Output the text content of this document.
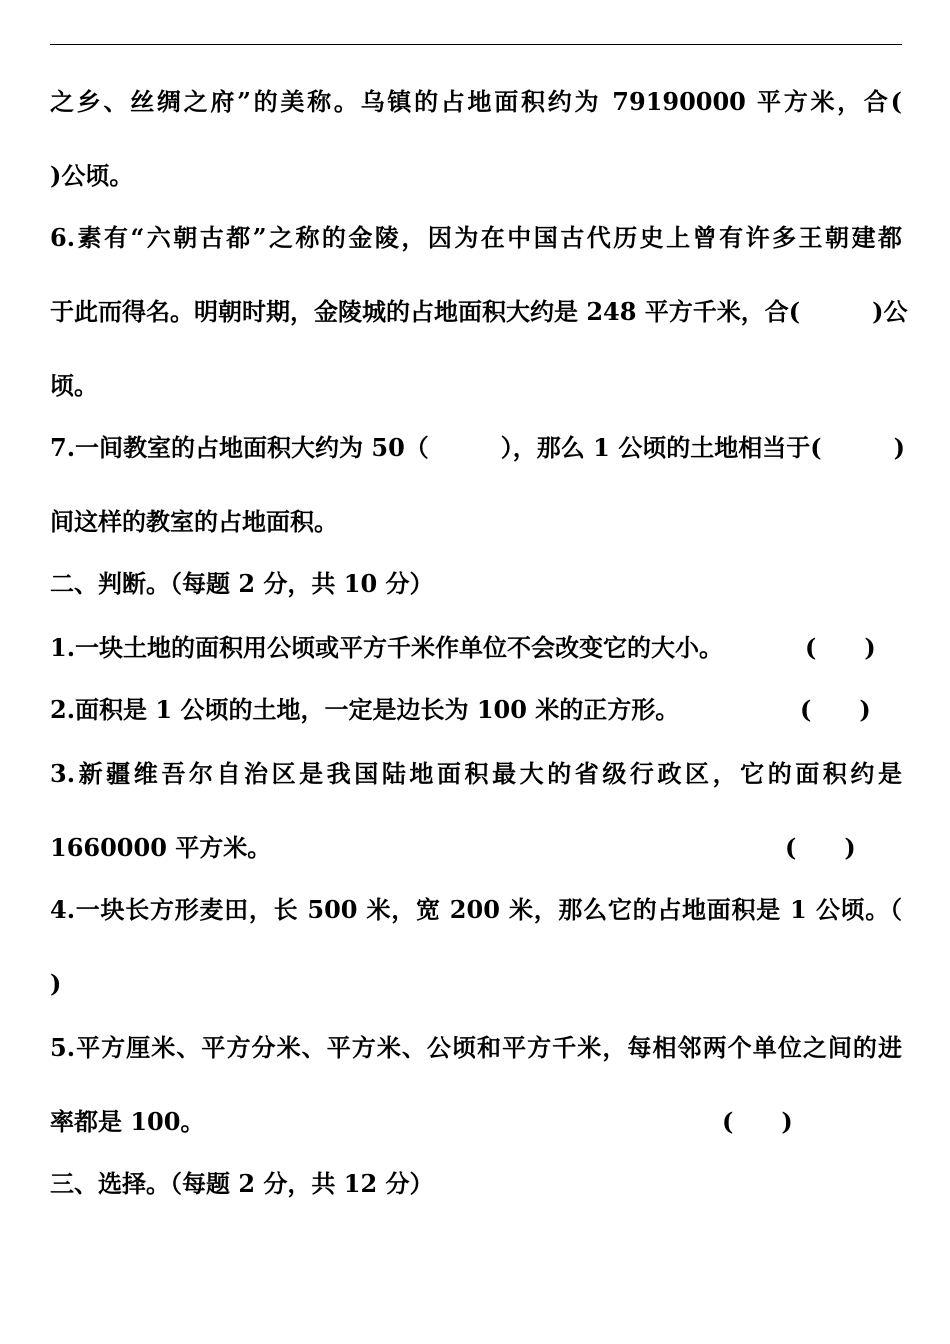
之乡、丝绸之府”的美称。乌镇的占地面积约为 79190000 平方米，合(
)公顷。
6.素有“六朝古都”之称的金陵，因为在中国古代历史上曾有许多王朝建都
于此而得名。明朝时期，金陵城的占地面积大约是 248 平方千米，合(　　　)公
顷。
7.一间教室的占地面积大约为 50（　　　），那么 1 公顷的土地相当于(　　　)
间这样的教室的占地面积。
二、判断。（每题 2 分，共 10 分）
1.一块土地的面积用公顷或平方千米作单位不会改变它的大小。	(　　)
2.面积是 1 公顷的土地，一定是边长为 100 米的正方形。	(　　)
3.新疆维吾尔自治区是我国陆地面积最大的省级行政区，它的面积约是
1660000 平方米。	(　　)
4.一块长方形麦田，长 500 米，宽 200 米，那么它的占地面积是 1 公顷。（
)
5.平方厘米、平方分米、平方米、公顷和平方千米，每相邻两个单位之间的进
率都是 100。	(　　)
三、选择。（每题 2 分，共 12 分）
